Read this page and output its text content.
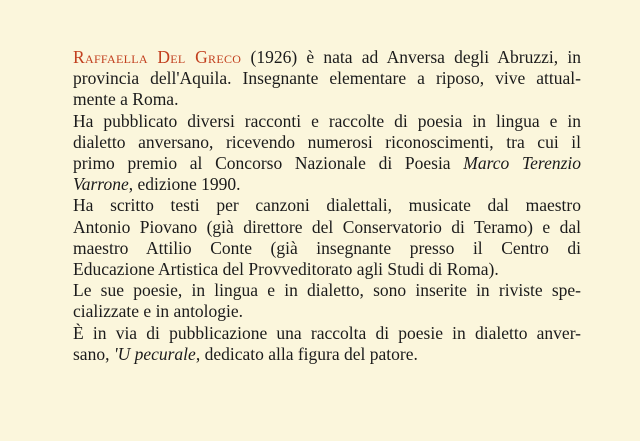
Raffaella Del Greco (1926) è nata ad Anversa degli Abruzzi, in
provincia dell'Aquila. Insegnante elementare a riposo, vive attual-
mente a Roma.
Ha pubblicato diversi racconti e raccolte di poesia in lingua e in
dialetto anversano, ricevendo numerosi riconoscimenti, tra cui il
primo premio al Concorso Nazionale di Poesia Marco Terenzio
Varrone, edizione 1990.
Ha scritto testi per canzoni dialettali, musicate dal maestro
Antonio Piovano (già direttore del Conservatorio di Teramo) e dal
maestro Attilio Conte (già insegnante presso il Centro di
Educazione Artistica del Provveditorato agli Studi di Roma).
Le sue poesie, in lingua e in dialetto, sono inserite in riviste spe-
cializzate e in antologie.
È in via di pubblicazione una raccolta di poesie in dialetto anver-
sano, 'U pecurale, dedicato alla figura del patore.
